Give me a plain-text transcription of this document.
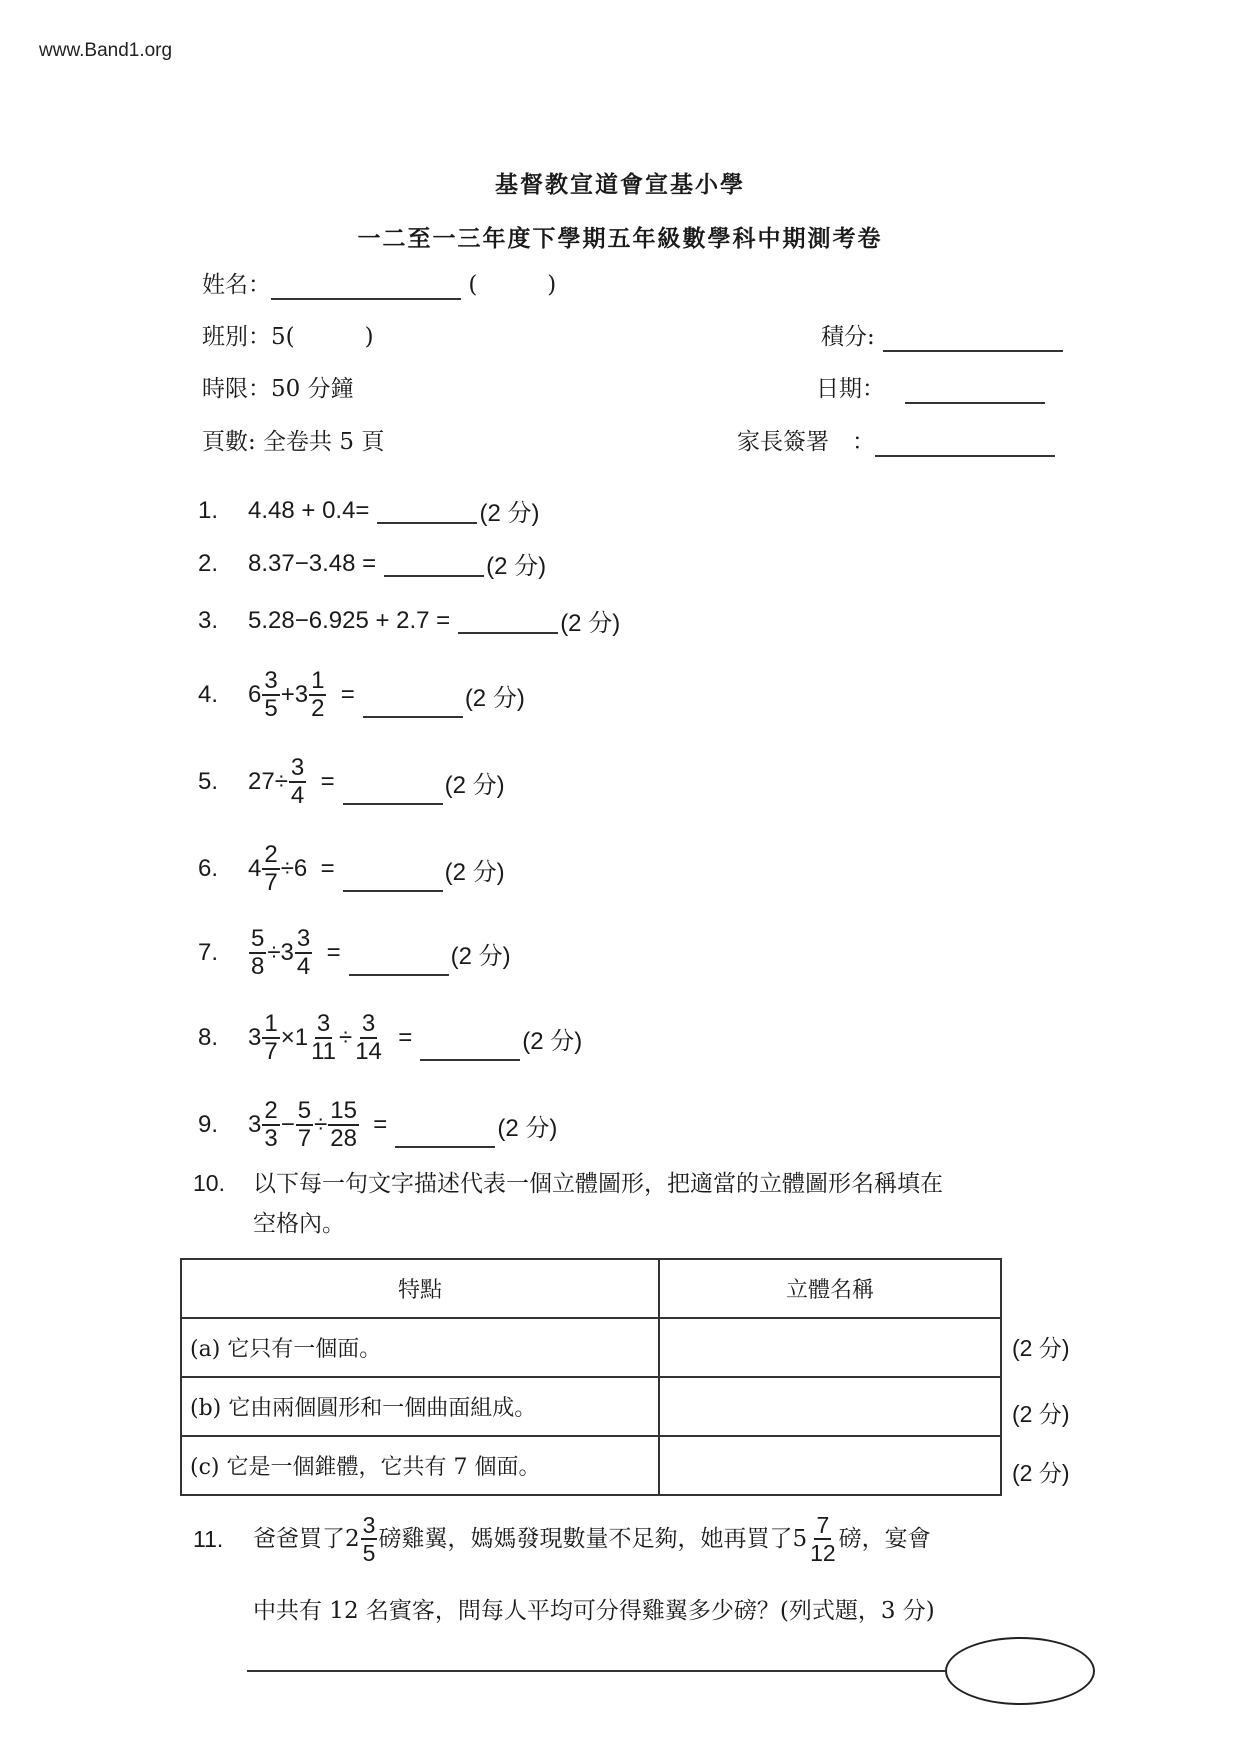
www.Band1.org
基督教宣道會宣基小學
一二至一三年度下學期五年級數學科中期測考卷
姓名：	(	)
班別：5(	)	積分:
時限：50 分鐘	日期：
頁數: 全卷共 5 頁	家長簽署　：
1.	4.48 + 0.4=	(2 分)
2.	8.37−3.48 =	(2 分)
3.	5.28−6.925 + 2.7 =	(2 分)
4.	$6 \frac{3}{5} +3 \frac{1}{2}$ =	(2 分)
5.	$27\div \frac{3}{4}$ =	(2 分)
6.	$4 \frac{2}{7} \div 6$  =	(2 分)
7.	$\frac{5}{8} \div 3 \frac{3}{4}$ =	(2 分)
8.	$3 \frac{1}{7} \times 1 \frac{3}{11} \div \frac{3}{14}$ =	(2 分)
9.	$3 \frac{2}{3} - \frac{5}{7} \div \frac{15}{28}$ =	(2 分)
10. 以下每一句文字描述代表一個立體圖形，把適當的立體圖形名稱填在
空格內。
特點	立體名稱
(a) 它只有一個面。	
(b) 它由兩個圓形和一個曲面組成。	
(c) 它是一個錐體，它共有 7 個面。	
(2 分)
(2 分)
(2 分)
11.	爸爸買了$2 \frac{3}{5}$ 磅雞翼，媽媽發現數量不足夠，她再買了$5 \frac{7}{12}$ 磅，宴會
中共有 12 名賓客，問每人平均可分得雞翼多少磅？(列式題，3 分)
